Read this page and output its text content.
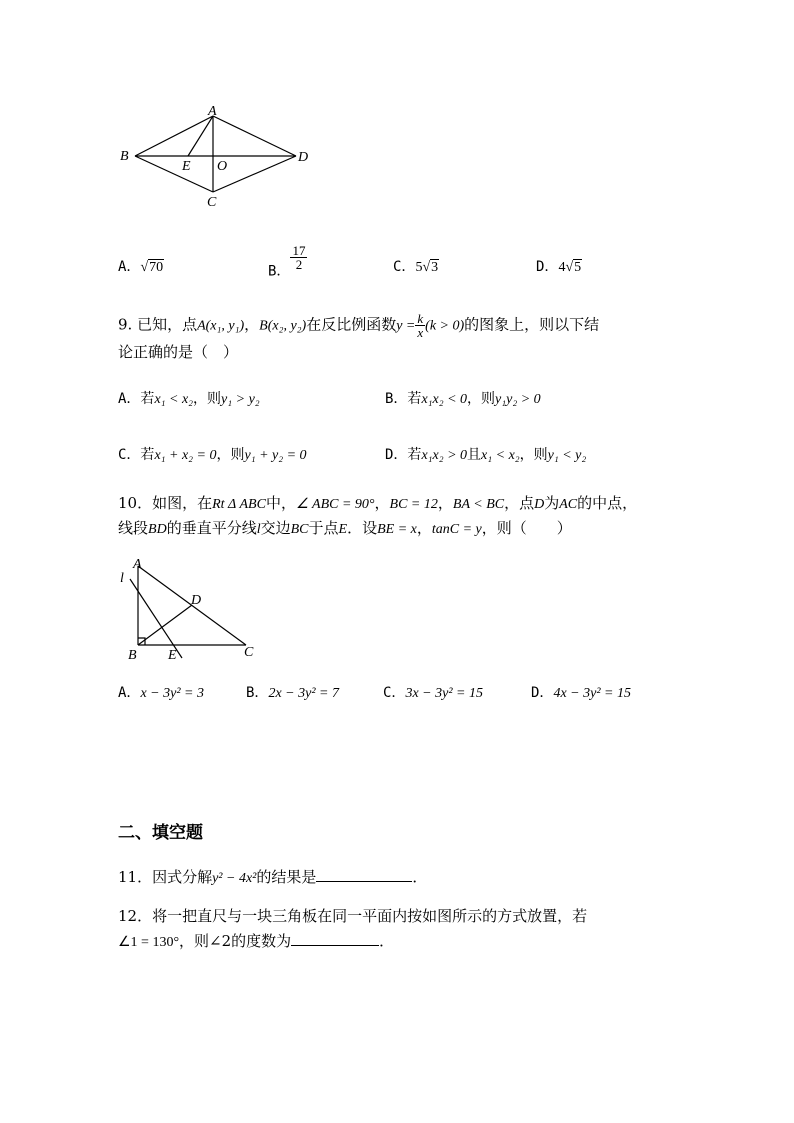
A
B	D
C
E O
A．√70	B．
$\frac{17}{2}$	C．5√3	D．4√5
9. 已知，点A(x₁, y₁)，B(x₂, y₂)在反比例函数$y = \frac{k}{x} (k > 0)$的图象上，则以下结
论正确的是（　）
A．若x₁ < x₂，则y₁ > y₂	B．若x₁x₂ < 0，则y₁y₂ > 0
C．若x₁ + x₂ = 0，则y₁ + y₂ = 0	D．若x₁x₂ > 0且x₁ < x₂，则y₁ < y₂
10．如图，在Rt Δ ABC中，∠ ABC = 90°，BC = 12，BA < BC，点D为AC的中点，
线段BD的垂直平分线l交边BC于点E．设BE = x，tanC = y，则（　　）
A
l
D
B E	C
A．x − 3y² = 3	B．2x − 3y² = 7	C．3x − 3y² = 15	D．4x − 3y² = 15
二、填空题
11．因式分解y² − 4x²的结果是	．
12．将一把直尺与一块三角板在同一平面内按如图所示的方式放置，若
∠1 = 130°，则∠2的度数为	．
